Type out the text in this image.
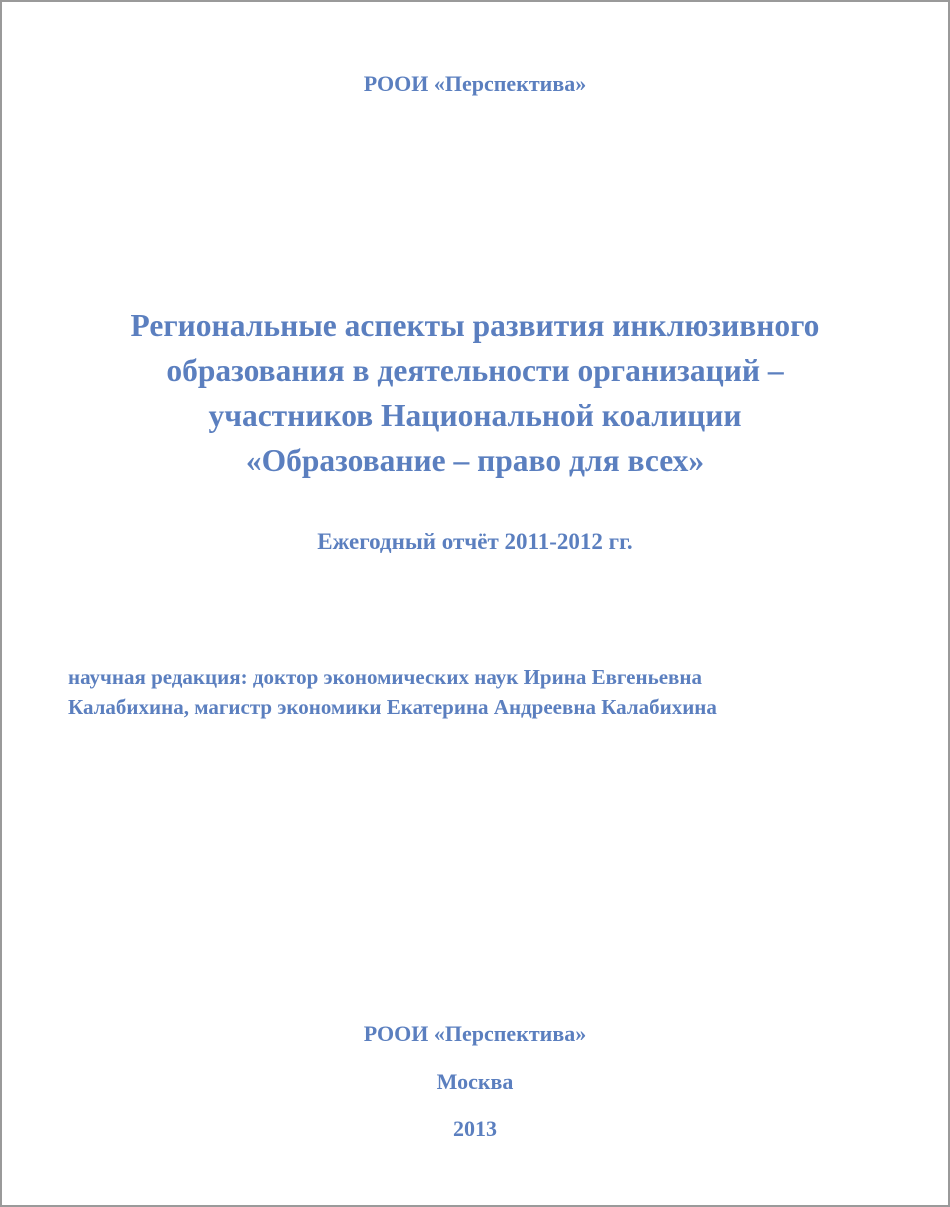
РООИ «Перспектива»
Региональные аспекты развития инклюзивного
образования в деятельности организаций –
участников Национальной коалиции
«Образование – право для всех»
Ежегодный отчёт 2011-2012 гг.
научная редакция: доктор экономических наук Ирина Евгеньевна
Калабихина, магистр экономики Екатерина Андреевна Калабихина
РООИ «Перспектива»
Москва
2013
